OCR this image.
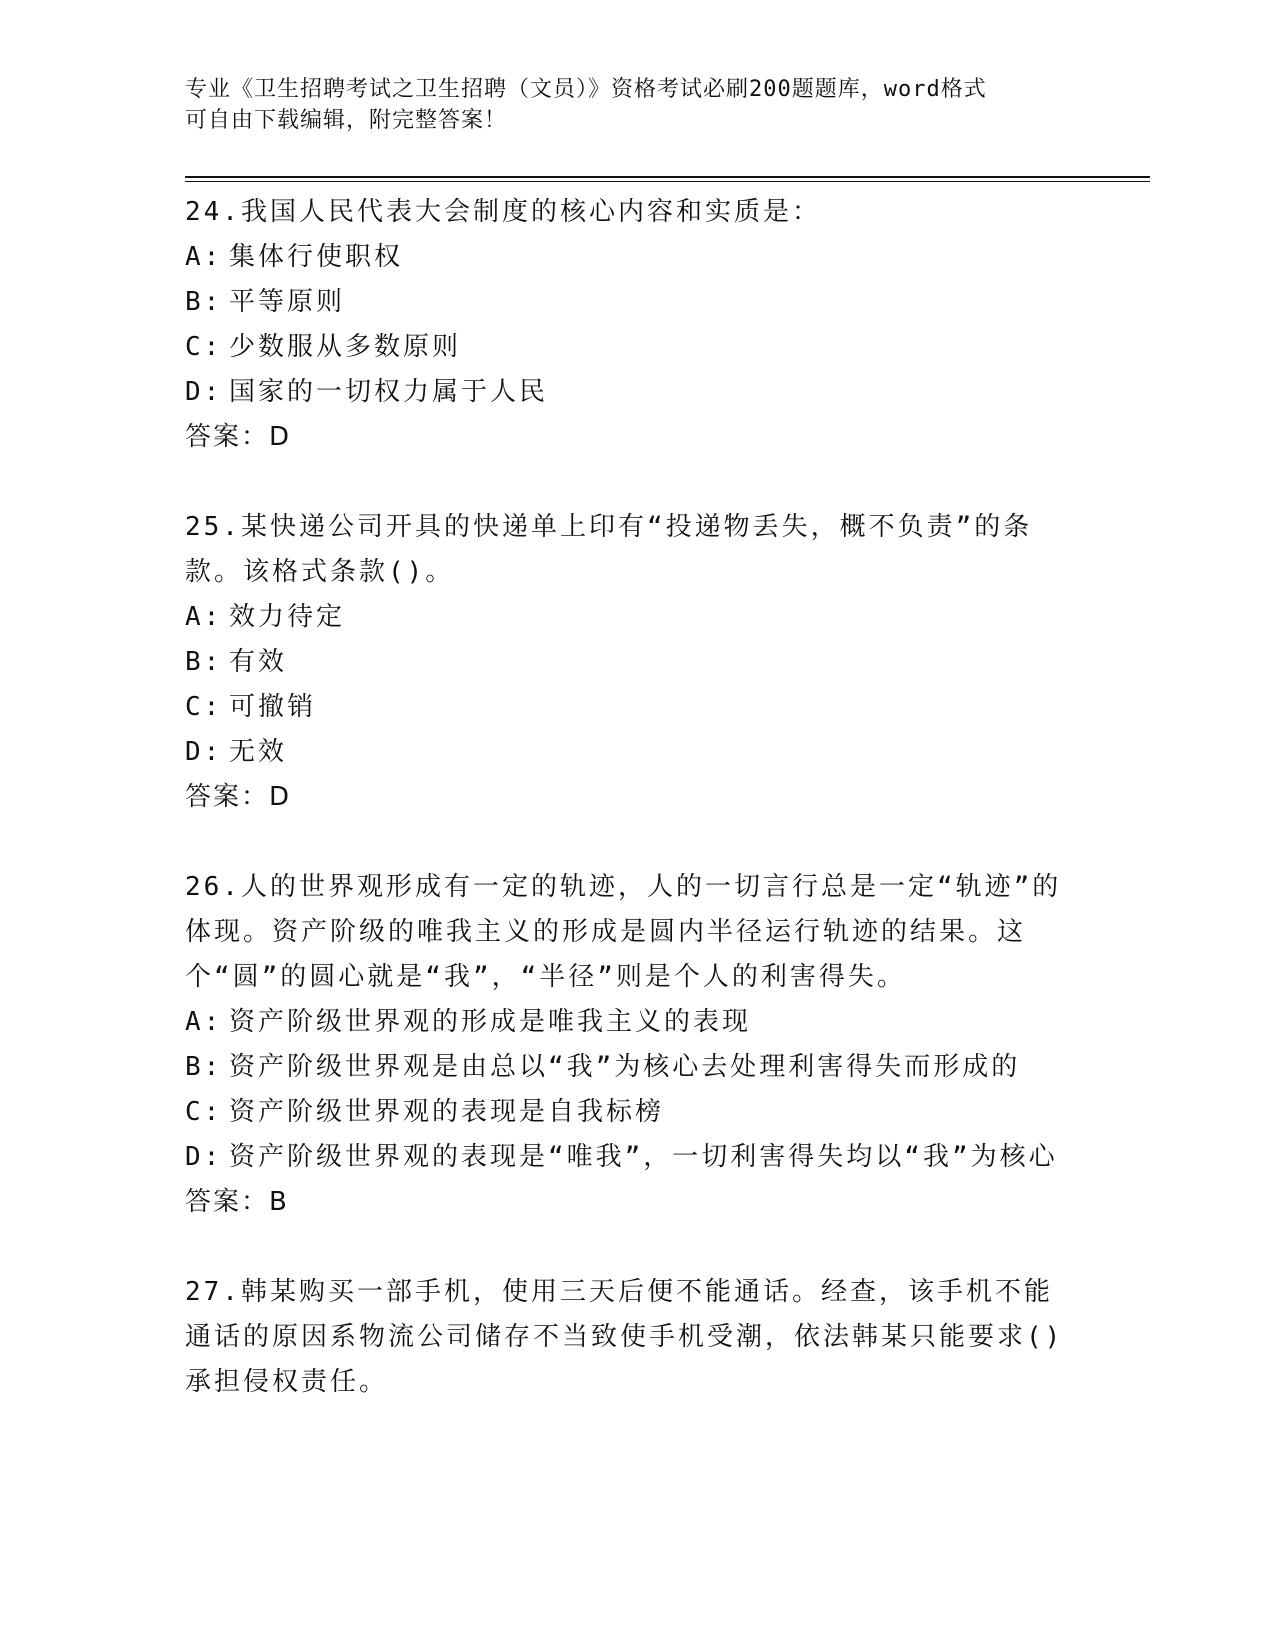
专业《卫生招聘考试之卫生招聘（文员）》资格考试必刷200题题库，word格式
可自由下载编辑，附完整答案！
24.我国人民代表大会制度的核心内容和实质是：
A: 集体行使职权
B: 平等原则
C: 少数服从多数原则
D: 国家的一切权力属于人民
答案：D
25.某快递公司开具的快递单上印有“投递物丢失，概不负责”的条款。该格式条款()。
A: 效力待定
B: 有效
C: 可撤销
D: 无效
答案：D
26.人的世界观形成有一定的轨迹，人的一切言行总是一定“轨迹”的体现。资产阶级的唯我主义的形成是圆内半径运行轨迹的结果。这个“圆”的圆心就是“我”，“半径”则是个人的利害得失。
A: 资产阶级世界观的形成是唯我主义的表现
B: 资产阶级世界观是由总以“我”为核心去处理利害得失而形成的
C: 资产阶级世界观的表现是自我标榜
D: 资产阶级世界观的表现是“唯我”，一切利害得失均以“我”为核心
答案：B
27.韩某购买一部手机，使用三天后便不能通话。经查，该手机不能通话的原因系物流公司储存不当致使手机受潮，依法韩某只能要求()承担侵权责任。
